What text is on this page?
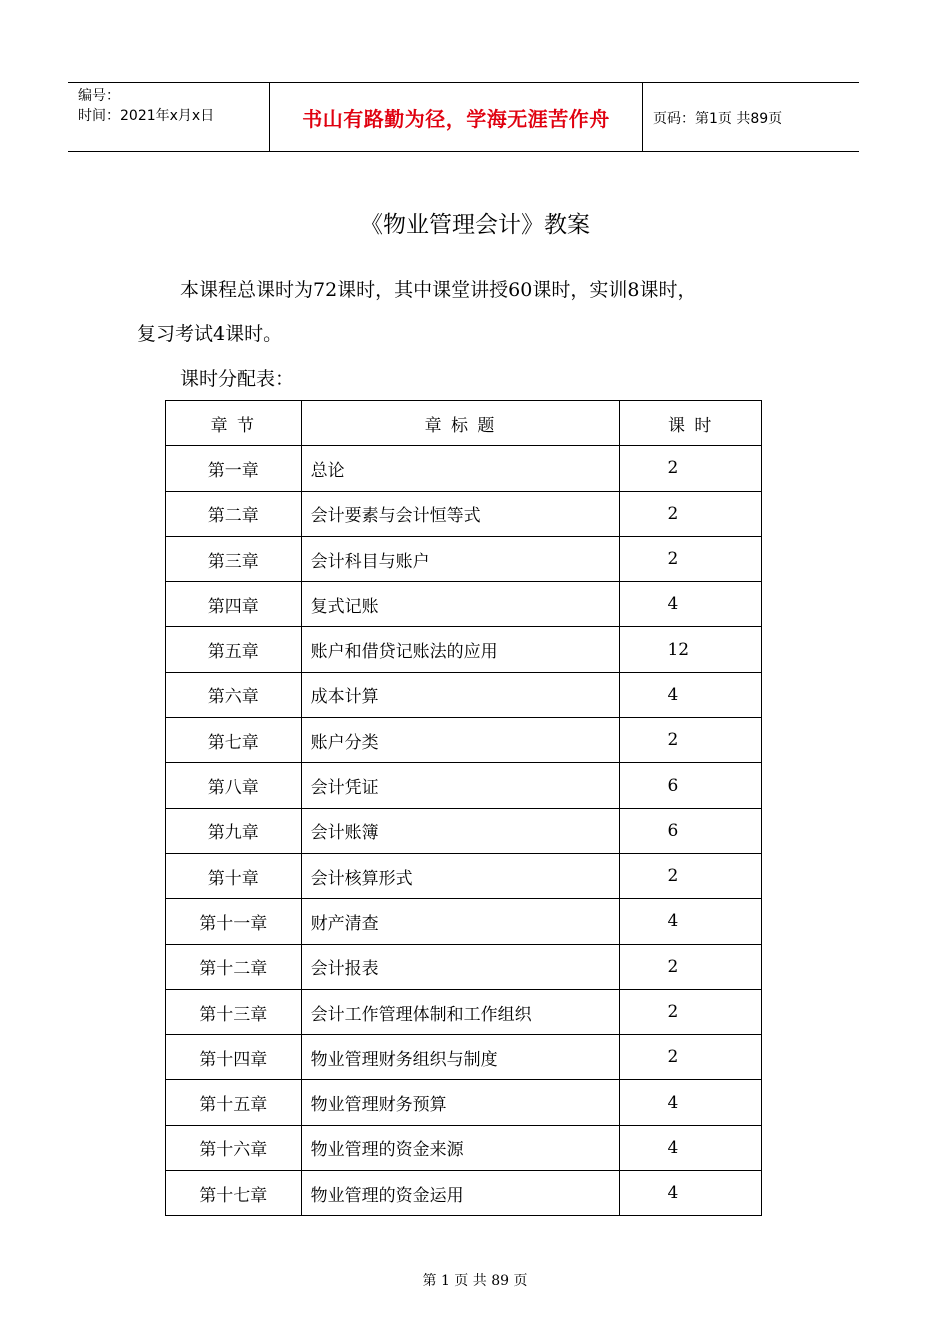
编号：
时间：2021年x月x日	书山有路勤为径，学海无涯苦作舟	页码：第1页 共89页
《物业管理会计》教案
本课程总课时为72课时，其中课堂讲授60课时，实训8课时，
复习考试4课时。
课时分配表：
章 节	章 标 题	课 时
第一章	总论	2
第二章	会计要素与会计恒等式	2
第三章	会计科目与账户	2
第四章	复式记账	4
第五章	账户和借贷记账法的应用	12
第六章	成本计算	4
第七章	账户分类	2
第八章	会计凭证	6
第九章	会计账簿	6
第十章	会计核算形式	2
第十一章	财产清查	4
第十二章	会计报表	2
第十三章	会计工作管理体制和工作组织	2
第十四章	物业管理财务组织与制度	2
第十五章	物业管理财务预算	4
第十六章	物业管理的资金来源	4
第十七章	物业管理的资金运用	4
第 1 页 共 89 页
